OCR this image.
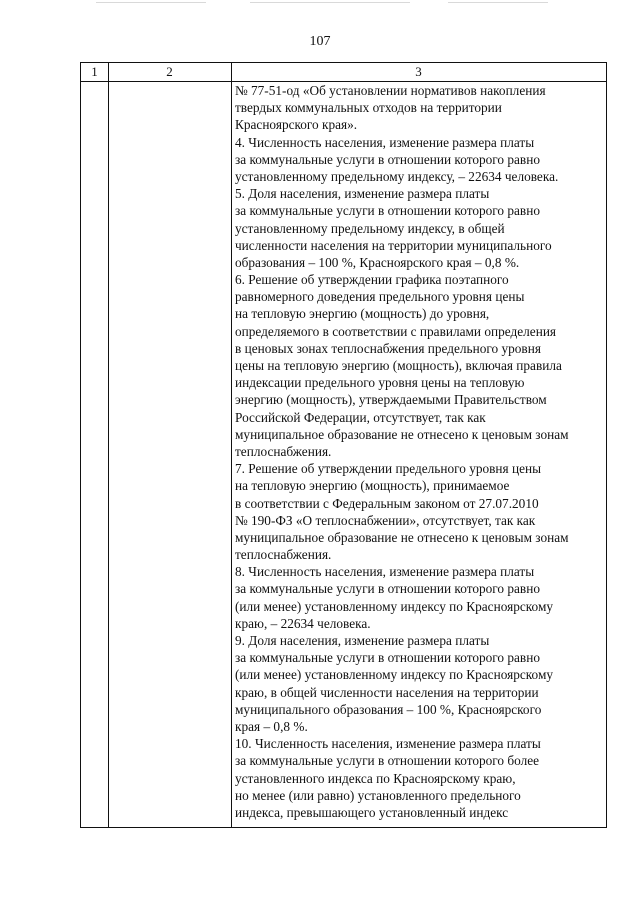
107
1	2	3
№ 77-51-од «Об установлении нормативов накопления
твердых коммунальных отходов на территории
Красноярского края».
4. Численность населения, изменение размера платы
за коммунальные услуги в отношении которого равно
установленному предельному индексу, – 22634 человека.
5. Доля населения, изменение размера платы
за коммунальные услуги в отношении которого равно
установленному предельному индексу, в общей
численности населения на территории муниципального
образования – 100 %, Красноярского края – 0,8 %.
6. Решение об утверждении графика поэтапного
равномерного доведения предельного уровня цены
на тепловую энергию (мощность) до уровня,
определяемого в соответствии с правилами определения
в ценовых зонах теплоснабжения предельного уровня
цены на тепловую энергию (мощность), включая правила
индексации предельного уровня цены на тепловую
энергию (мощность), утверждаемыми Правительством
Российской Федерации, отсутствует, так как
муниципальное образование не отнесено к ценовым зонам
теплоснабжения.
7. Решение об утверждении предельного уровня цены
на тепловую энергию (мощность), принимаемое
в соответствии с Федеральным законом от 27.07.2010
№ 190-ФЗ «О теплоснабжении», отсутствует, так как
муниципальное образование не отнесено к ценовым зонам
теплоснабжения.
8. Численность населения, изменение размера платы
за коммунальные услуги в отношении которого равно
(или менее) установленному индексу по Красноярскому
краю, – 22634 человека.
9. Доля населения, изменение размера платы
за коммунальные услуги в отношении которого равно
(или менее) установленному индексу по Красноярскому
краю, в общей численности населения на территории
муниципального образования – 100 %, Красноярского
края – 0,8 %.
10. Численность населения, изменение размера платы
за коммунальные услуги в отношении которого более
установленного индекса по Красноярскому краю,
но менее (или равно) установленного предельного
индекса, превышающего установленный индекс
